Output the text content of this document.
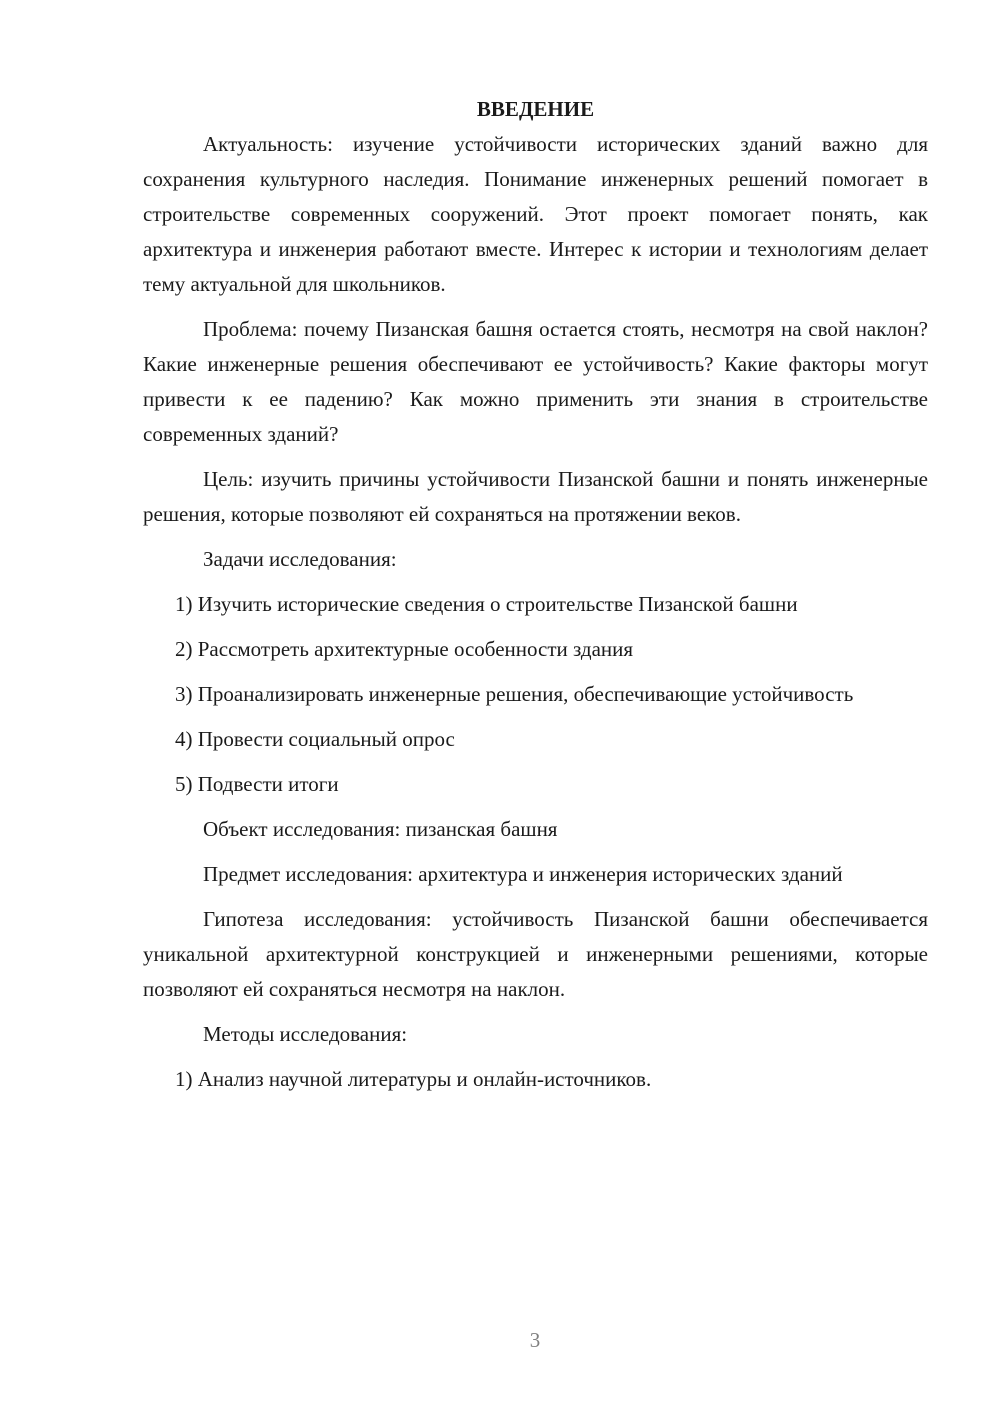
ВВЕДЕНИЕ

Актуальность: изучение устойчивости исторических зданий важно для сохранения культурного наследия. Понимание инженерных решений помогает в строительстве современных сооружений. Этот проект помогает понять, как архитектура и инженерия работают вместе. Интерес к истории и технологиям делает тему актуальной для школьников.

Проблема: почему Пизанская башня остается стоять, несмотря на свой наклон? Какие инженерные решения обеспечивают ее устойчивость? Какие факторы могут привести к ее падению? Как можно применить эти знания в строительстве современных зданий?

Цель: изучить причины устойчивости Пизанской башни и понять инженерные решения, которые позволяют ей сохраняться на протяжении веков.

Задачи исследования:

1) Изучить исторические сведения о строительстве Пизанской башни

2) Рассмотреть архитектурные особенности здания

3) Проанализировать инженерные решения, обеспечивающие устойчивость

4) Провести социальный опрос

5) Подвести итоги

Объект исследования: пизанская башня

Предмет исследования: архитектура и инженерия исторических зданий

Гипотеза исследования: устойчивость Пизанской башни обеспечивается уникальной архитектурной конструкцией и инженерными решениями, которые позволяют ей сохраняться несмотря на наклон.

Методы исследования:

1) Анализ научной литературы и онлайн-источников.

3
